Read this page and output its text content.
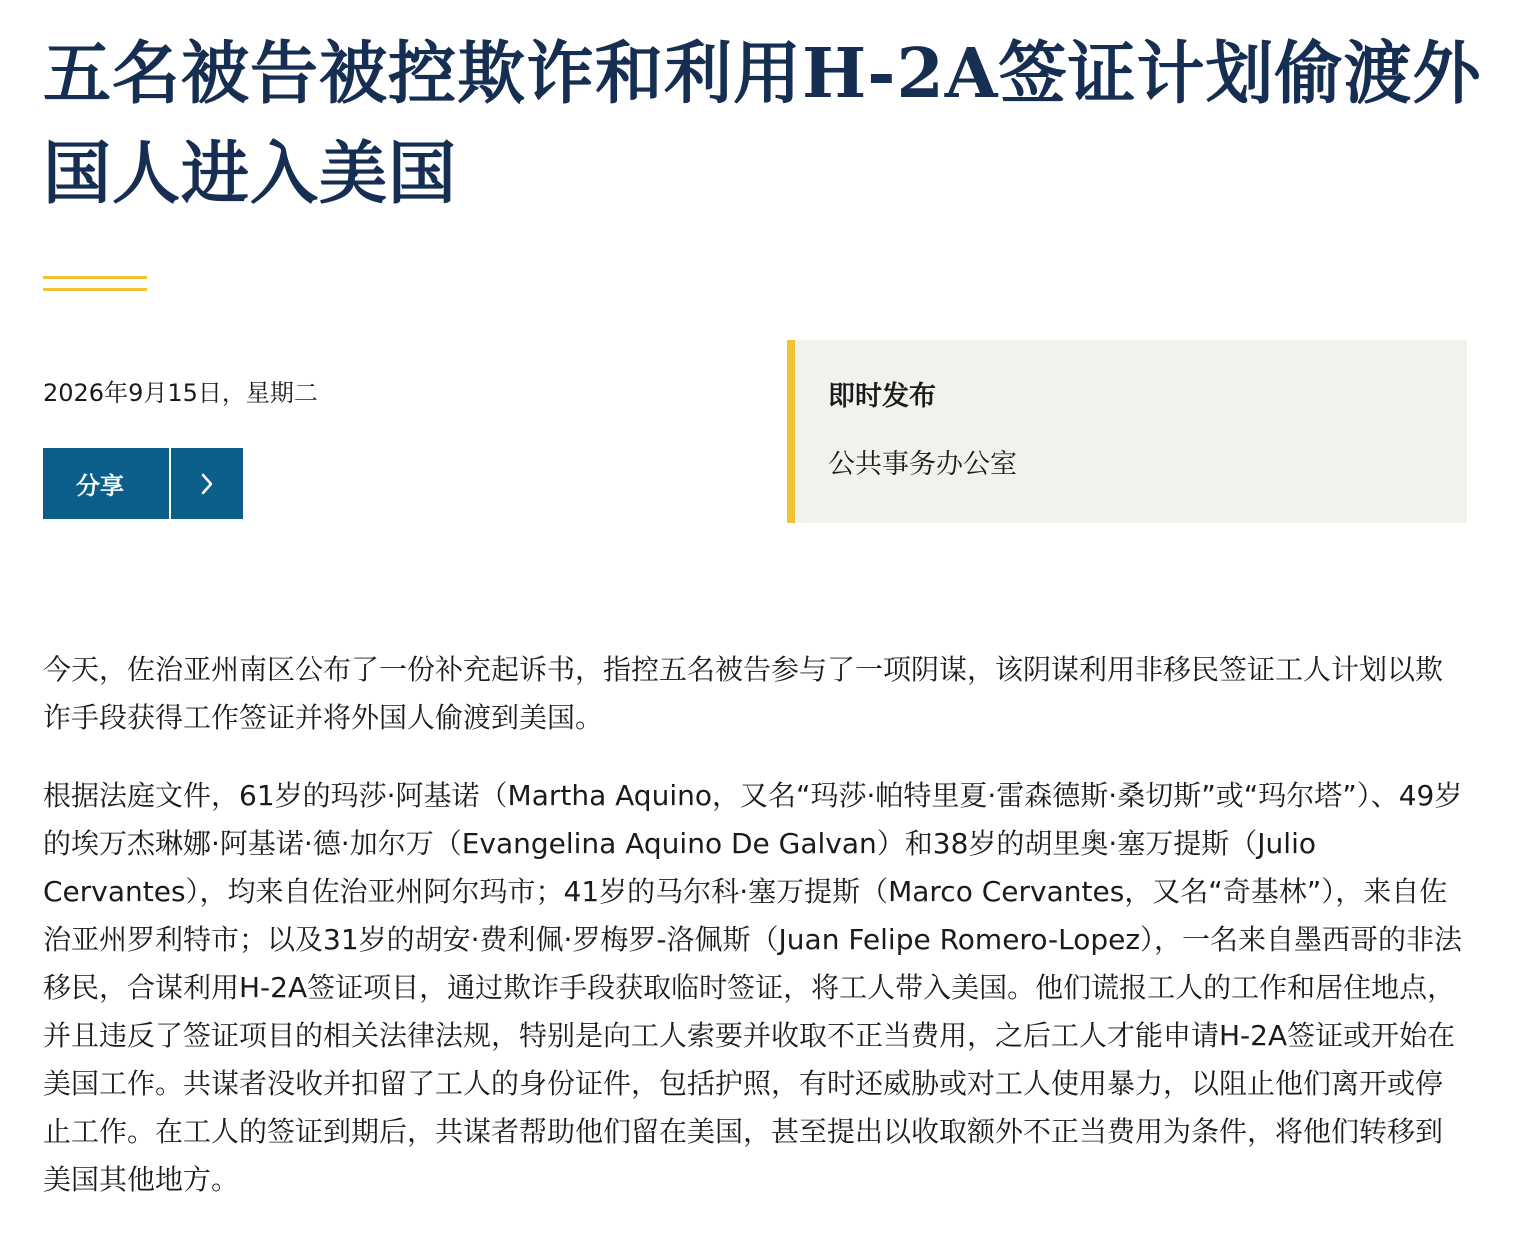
五名被告被控欺诈和利用H-2A签证计划偷渡外国人进入美国
2026年9月15日，星期二
分享
即时发布
公共事务办公室

今天，佐治亚州南区公布了一份补充起诉书，指控五名被告参与了一项阴谋，该阴谋利用非移民签证工人计划以欺诈手段获得工作签证并将外国人偷渡到美国。

根据法庭文件，61岁的玛莎·阿基诺（Martha Aquino，又名“玛莎·帕特里夏·雷森德斯·桑切斯”或“玛尔塔”）、49岁的埃万杰琳娜·阿基诺·德·加尔万（Evangelina Aquino De Galvan）和38岁的胡里奥·塞万提斯（Julio Cervantes），均来自佐治亚州阿尔玛市；41岁的马尔科·塞万提斯（Marco Cervantes，又名“奇基林”），来自佐治亚州罗利特市；以及31岁的胡安·费利佩·罗梅罗-洛佩斯（Juan Felipe Romero-Lopez），一名来自墨西哥的非法移民，合谋利用H-2A签证项目，通过欺诈手段获取临时签证，将工人带入美国。他们谎报工人的工作和居住地点，并且违反了签证项目的相关法律法规，特别是向工人索要并收取不正当费用，之后工人才能申请H-2A签证或开始在美国工作。共谋者没收并扣留了工人的身份证件，包括护照，有时还威胁或对工人使用暴力，以阻止他们离开或停止工作。在工人的签证到期后，共谋者帮助他们留在美国，甚至提出以收取额外不正当费用为条件，将他们转移到美国其他地方。
